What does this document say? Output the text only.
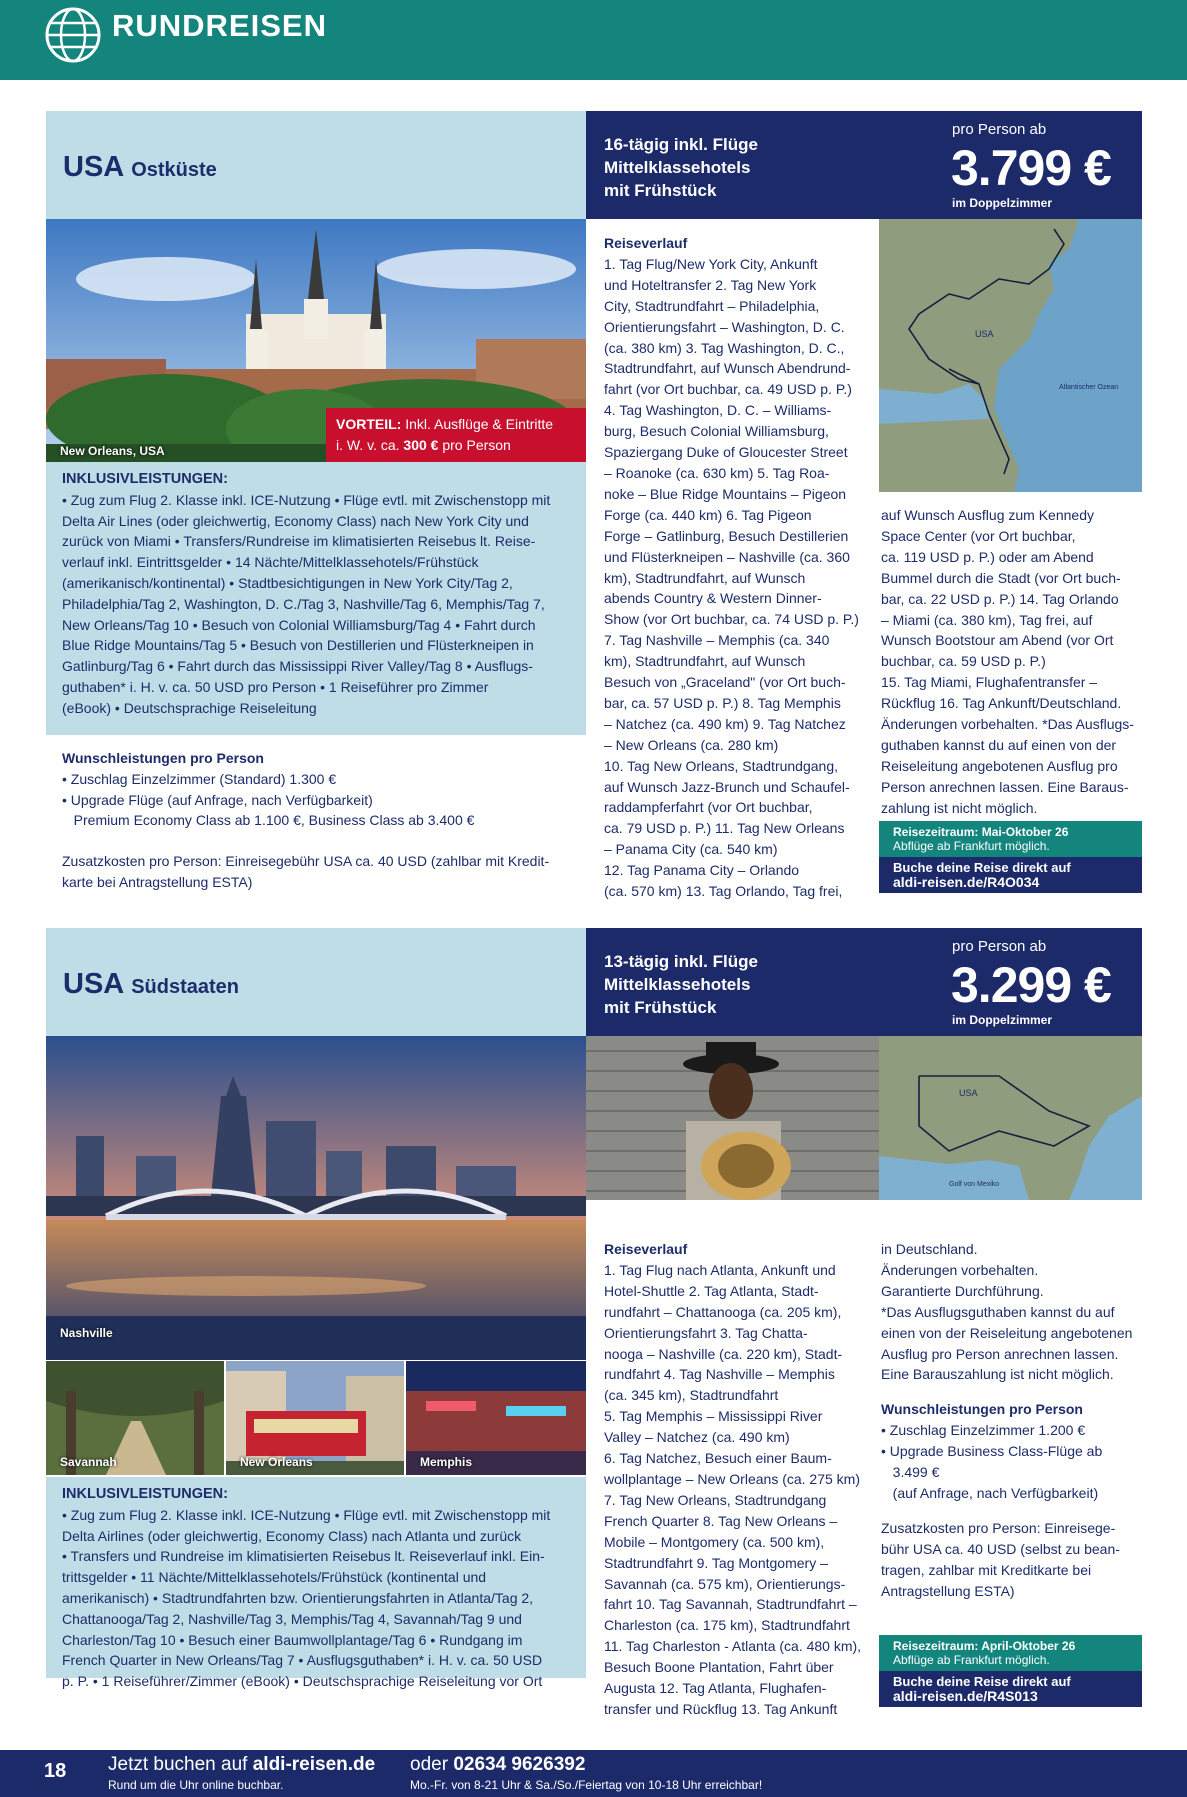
RUNDREISEN
USA Ostküste
16-tägig inkl. Flüge
Mittelklassehotels
mit Frühstück
pro Person ab
3.799 €
im Doppelzimmer
New Orleans, USA
VORTEIL: Inkl. Ausflüge & Eintritte
i. W. v. ca. 300 € pro Person
INKLUSIVLEISTUNGEN:
• Zug zum Flug 2. Klasse inkl. ICE-Nutzung • Flüge evtl. mit Zwischenstopp mit
Delta Air Lines (oder gleichwertig, Economy Class) nach New York City und
zurück von Miami • Transfers/Rundreise im klimatisierten Reisebus lt. Reise-
verlauf inkl. Eintrittsgelder • 14 Nächte/Mittelklassehotels/Frühstück
(amerikanisch/kontinental) • Stadtbesichtigungen in New York City/Tag 2,
Philadelphia/Tag 2, Washington, D. C./Tag 3, Nashville/Tag 6, Memphis/Tag 7,
New Orleans/Tag 10 • Besuch von Colonial Williamsburg/Tag 4 • Fahrt durch
Blue Ridge Mountains/Tag 5 • Besuch von Destillerien und Flüsterkneipen in
Gatlinburg/Tag 6 • Fahrt durch das Mississippi River Valley/Tag 8 • Ausflugs-
guthaben* i. H. v. ca. 50 USD pro Person • 1 Reiseführer pro Zimmer
(eBook) • Deutschsprachige Reiseleitung
Wunschleistungen pro Person
• Zuschlag Einzelzimmer (Standard) 1.300 €
• Upgrade Flüge (auf Anfrage, nach Verfügbarkeit)
Premium Economy Class ab 1.100 €, Business Class ab 3.400 €
Zusatzkosten pro Person: Einreisegebühr USA ca. 40 USD (zahlbar mit Kredit-
karte bei Antragstellung ESTA)
Reiseverlauf
1. Tag Flug/New York City, Ankunft
und Hoteltransfer 2. Tag New York
City, Stadtrundfahrt – Philadelphia,
Orientierungsfahrt – Washington, D. C.
(ca. 380 km) 3. Tag Washington, D. C.,
Stadtrundfahrt, auf Wunsch Abendrund-
fahrt (vor Ort buchbar, ca. 49 USD p. P.)
4. Tag Washington, D. C. – Williams-
burg, Besuch Colonial Williamsburg,
Spaziergang Duke of Gloucester Street
– Roanoke (ca. 630 km) 5. Tag Roa-
noke – Blue Ridge Mountains – Pigeon
Forge (ca. 440 km) 6. Tag Pigeon
Forge – Gatlinburg, Besuch Destillerien
und Flüsterkneipen – Nashville (ca. 360
km), Stadtrundfahrt, auf Wunsch
abends Country & Western Dinner-
Show (vor Ort buchbar, ca. 74 USD p. P.)
7. Tag Nashville – Memphis (ca. 340
km), Stadtrundfahrt, auf Wunsch
Besuch von „Graceland" (vor Ort buch-
bar, ca. 57 USD p. P.) 8. Tag Memphis
– Natchez (ca. 490 km) 9. Tag Natchez
– New Orleans (ca. 280 km)
10. Tag New Orleans, Stadtrundgang,
auf Wunsch Jazz-Brunch und Schaufel-
raddampferfahrt (vor Ort buchbar,
ca. 79 USD p. P.) 11. Tag New Orleans
– Panama City (ca. 540 km)
12. Tag Panama City – Orlando
(ca. 570 km) 13. Tag Orlando, Tag frei,
USA
Atlantischer Ozean
auf Wunsch Ausflug zum Kennedy
Space Center (vor Ort buchbar,
ca. 119 USD p. P.) oder am Abend
Bummel durch die Stadt (vor Ort buch-
bar, ca. 22 USD p. P.) 14. Tag Orlando
– Miami (ca. 380 km), Tag frei, auf
Wunsch Bootstour am Abend (vor Ort
buchbar, ca. 59 USD p. P.)
15. Tag Miami, Flughafentransfer –
Rückflug 16. Tag Ankunft/Deutschland.
Änderungen vorbehalten. *Das Ausflugs-
guthaben kannst du auf einen von der
Reiseleitung angebotenen Ausflug pro
Person anrechnen lassen. Eine Baraus-
zahlung ist nicht möglich.
Reisezeitraum: Mai-Oktober 26
Abflüge ab Frankfurt möglich.
Buche deine Reise direkt auf
aldi-reisen.de/R4O034
USA Südstaaten
13-tägig inkl. Flüge
Mittelklassehotels
mit Frühstück
pro Person ab
3.299 €
im Doppelzimmer
Nashville
Savannah	New Orleans	Memphis
INKLUSIVLEISTUNGEN:
• Zug zum Flug 2. Klasse inkl. ICE-Nutzung • Flüge evtl. mit Zwischenstopp mit
Delta Airlines (oder gleichwertig, Economy Class) nach Atlanta und zurück
• Transfers und Rundreise im klimatisierten Reisebus lt. Reiseverlauf inkl. Ein-
trittsgelder • 11 Nächte/Mittelklassehotels/Frühstück (kontinental und
amerikanisch) • Stadtrundfahrten bzw. Orientierungsfahrten in Atlanta/Tag 2,
Chattanooga/Tag 2, Nashville/Tag 3, Memphis/Tag 4, Savannah/Tag 9 und
Charleston/Tag 10 • Besuch einer Baumwollplantage/Tag 6 • Rundgang im
French Quarter in New Orleans/Tag 7 • Ausflugsguthaben* i. H. v. ca. 50 USD
p. P. • 1 Reiseführer/Zimmer (eBook) • Deutschsprachige Reiseleitung vor Ort
USA
Golf von Mexiko
Reiseverlauf
1. Tag Flug nach Atlanta, Ankunft und
Hotel-Shuttle 2. Tag Atlanta, Stadt-
rundfahrt – Chattanooga (ca. 205 km),
Orientierungsfahrt 3. Tag Chatta-
nooga – Nashville (ca. 220 km), Stadt-
rundfahrt 4. Tag Nashville – Memphis
(ca. 345 km), Stadtrundfahrt
5. Tag Memphis – Mississippi River
Valley – Natchez (ca. 490 km)
6. Tag Natchez, Besuch einer Baum-
wollplantage – New Orleans (ca. 275 km)
7. Tag New Orleans, Stadtrundgang
French Quarter 8. Tag New Orleans –
Mobile – Montgomery (ca. 500 km),
Stadtrundfahrt 9. Tag Montgomery –
Savannah (ca. 575 km), Orientierungs-
fahrt 10. Tag Savannah, Stadtrundfahrt –
Charleston (ca. 175 km), Stadtrundfahrt
11. Tag Charleston - Atlanta (ca. 480 km),
Besuch Boone Plantation, Fahrt über
Augusta 12. Tag Atlanta, Flughafen-
transfer und Rückflug 13. Tag Ankunft
in Deutschland.
Änderungen vorbehalten.
Garantierte Durchführung.
*Das Ausflugsguthaben kannst du auf
einen von der Reiseleitung angebotenen
Ausflug pro Person anrechnen lassen.
Eine Barauszahlung ist nicht möglich.
Wunschleistungen pro Person
• Zuschlag Einzelzimmer 1.200 €
• Upgrade Business Class-Flüge ab
3.499 €
(auf Anfrage, nach Verfügbarkeit)
Zusatzkosten pro Person: Einreisege-
bühr USA ca. 40 USD (selbst zu bean-
tragen, zahlbar mit Kreditkarte bei
Antragstellung ESTA)
Reisezeitraum: April-Oktober 26
Abflüge ab Frankfurt möglich.
Buche deine Reise direkt auf
aldi-reisen.de/R4S013
18 Jetzt buchen auf aldi-reisen.de
Rund um die Uhr online buchbar.
oder 02634 9626392
Mo.-Fr. von 8-21 Uhr & Sa./So./Feiertag von 10-18 Uhr erreichbar!
